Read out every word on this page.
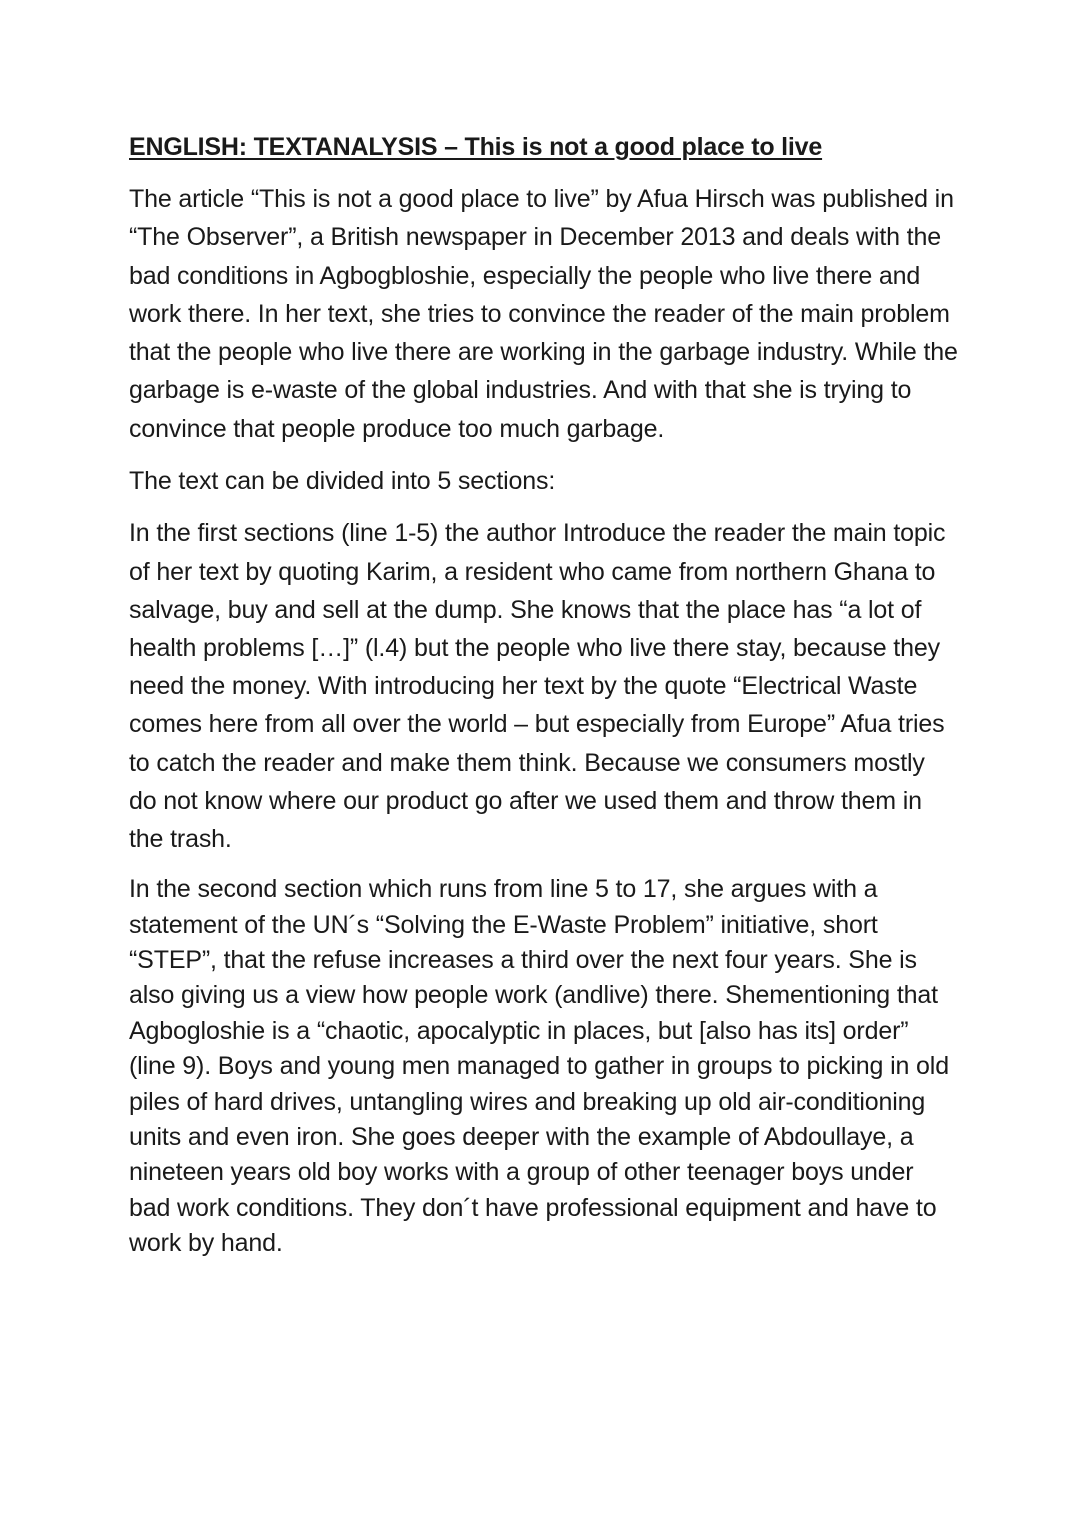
ENGLISH: TEXTANALYSIS – This is not a good place to live

The article “This is not a good place to live” by Afua Hirsch was published in “The Observer”, a British newspaper in December 2013 and deals with the bad conditions in Agbogbloshie, especially the people who live there and work there. In her text, she tries to convince the reader of the main problem that the people who live there are working in the garbage industry. While the garbage is e-waste of the global industries. And with that she is trying to convince that people produce too much garbage.

The text can be divided into 5 sections:

In the first sections (line 1-5) the author Introduce the reader the main topic of her text by quoting Karim, a resident who came from northern Ghana to salvage, buy and sell at the dump. She knows that the place has “a lot of health problems […]” (l.4) but the people who live there stay, because they need the money. With introducing her text by the quote “Electrical Waste comes here from all over the world – but especially from Europe” Afua tries to catch the reader and make them think. Because we consumers mostly do not know where our product go after we used them and throw them in the trash.

In the second section which runs from line 5 to 17, she argues with a statement of the UN´s “Solving the E-Waste Problem” initiative, short “STEP”, that the refuse increases a third over the next four years. She is also giving us a view how people work (andlive) there. Shementioning that Agbogloshie is a “chaotic, apocalyptic in places, but [also has its] order” (line 9). Boys and young men managed to gather in groups to picking in old piles of hard drives, untangling wires and breaking up old air-conditioning units and even iron. She goes deeper with the example of Abdoullaye, a nineteen years old boy works with a group of other teenager boys under bad work conditions. They don´t have professional equipment and have to work by hand.
